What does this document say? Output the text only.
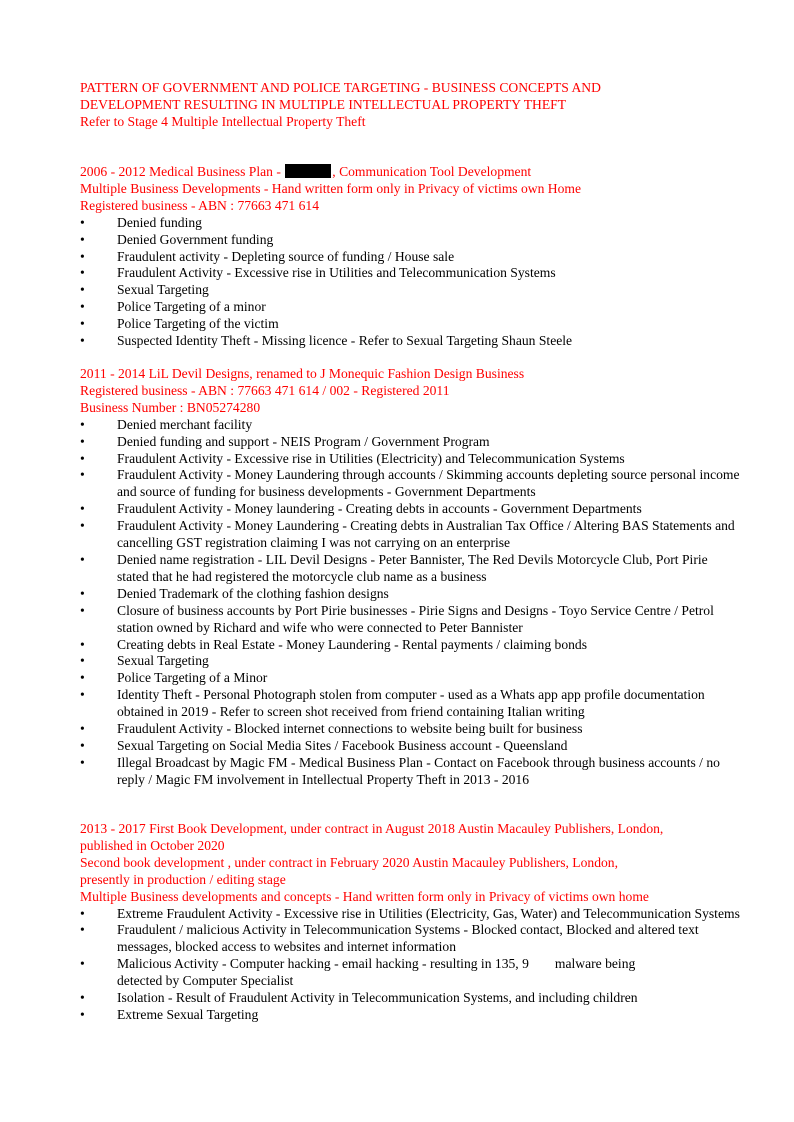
PATTERN OF GOVERNMENT AND POLICE TARGETING - BUSINESS CONCEPTS AND
DEVELOPMENT RESULTING IN MULTIPLE INTELLECTUAL PROPERTY THEFT
Refer to Stage 4 Multiple Intellectual Property Theft
2006 - 2012 Medical Business Plan -	, Communication Tool Development
Multiple Business Developments - Hand written form only in Privacy of victims own Home
Registered business - ABN : 77663 471 614
•	Denied funding
•	Denied Government funding
•	Fraudulent activity - Depleting source of funding / House sale
•	Fraudulent Activity - Excessive rise in Utilities and Telecommunication Systems
•	Sexual Targeting
•	Police Targeting of a minor
•	Police Targeting of the victim
•	Suspected Identity Theft - Missing licence - Refer to Sexual Targeting Shaun Steele
2011 - 2014 LiL Devil Designs, renamed to J Monequic Fashion Design Business
Registered business - ABN : 77663 471 614 / 002 - Registered 2011
Business Number : BN05274280
•	Denied merchant facility
•	Denied funding and support - NEIS Program / Government Program
•	Fraudulent Activity - Excessive rise in Utilities (Electricity) and Telecommunication Systems
•	Fraudulent Activity - Money Laundering through accounts / Skimming accounts depleting source personal income and source of funding for business developments - Government Departments
•	Fraudulent Activity - Money laundering - Creating debts in accounts - Government Departments
•	Fraudulent Activity - Money Laundering - Creating debts in Australian Tax Office / Altering BAS Statements and cancelling GST registration claiming I was not carrying on an enterprise
•	Denied name registration - LIL Devil Designs - Peter Bannister, The Red Devils Motorcycle Club, Port Pirie stated that he had registered the motorcycle club name as a business
•	Denied Trademark of the clothing fashion designs
•	Closure of business accounts by Port Pirie businesses - Pirie Signs and Designs - Toyo Service Centre / Petrol station owned by Richard and wife who were connected to Peter Bannister
•	Creating debts in Real Estate - Money Laundering - Rental payments / claiming bonds
•	Sexual Targeting
•	Police Targeting of a Minor
•	Identity Theft - Personal Photograph stolen from computer - used as a Whats app app profile documentation obtained in 2019 - Refer to screen shot received from friend containing Italian writing
•	Fraudulent Activity - Blocked internet connections to website being built for business
•	Sexual Targeting on Social Media Sites / Facebook Business account - Queensland
•	Illegal Broadcast by Magic FM - Medical Business Plan - Contact on Facebook through business accounts / no reply / Magic FM involvement in Intellectual Property Theft in 2013 - 2016
2013 - 2017 First Book Development, under contract in August 2018 Austin Macauley Publishers, London,
published in October 2020
Second book development , under contract in February 2020 Austin Macauley Publishers, London,
presently in production / editing stage
Multiple Business developments and concepts - Hand written form only in Privacy of victims own home
•	Extreme Fraudulent Activity - Excessive rise in Utilities (Electricity, Gas, Water) and Telecommunication Systems
•	Fraudulent / malicious Activity in Telecommunication Systems - Blocked contact, Blocked and altered text messages, blocked access to websites and internet information
•	Malicious Activity - Computer hacking - email hacking - resulting in 135, 9 malware being
detected by Computer Specialist
•	Isolation - Result of Fraudulent Activity in Telecommunication Systems, and including children
•	Extreme Sexual Targeting
